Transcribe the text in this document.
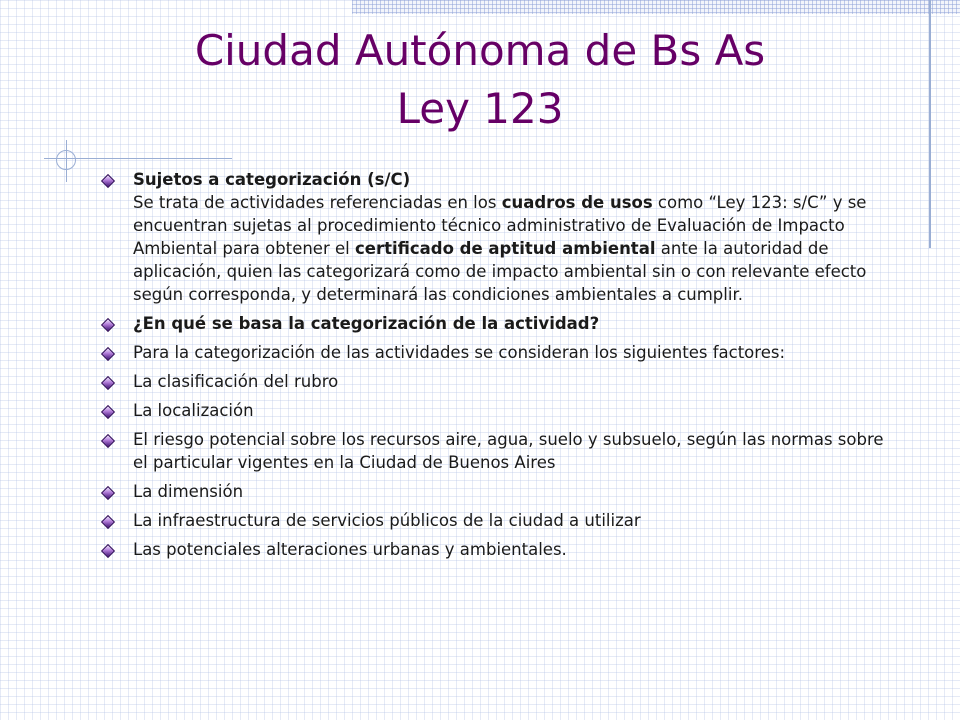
Ciudad Autónoma de Bs As
Ley 123
Sujetos a categorización (s/C)
Se trata de actividades referenciadas en los cuadros de usos como “Ley 123: s/C” y se encuentran sujetas al procedimiento técnico administrativo de Evaluación de Impacto Ambiental para obtener el certificado de aptitud ambiental ante la autoridad de aplicación, quien las categorizará como de impacto ambiental sin o con relevante efecto según corresponda, y determinará las condiciones ambientales a cumplir.
¿En qué se basa la categorización de la actividad?
Para la categorización de las actividades se consideran los siguientes factores:
La clasificación del rubro
La localización
El riesgo potencial sobre los recursos aire, agua, suelo y subsuelo, según las normas sobre el particular vigentes en la Ciudad de Buenos Aires
La dimensión
La infraestructura de servicios públicos de la ciudad a utilizar
Las potenciales alteraciones urbanas y ambientales.
